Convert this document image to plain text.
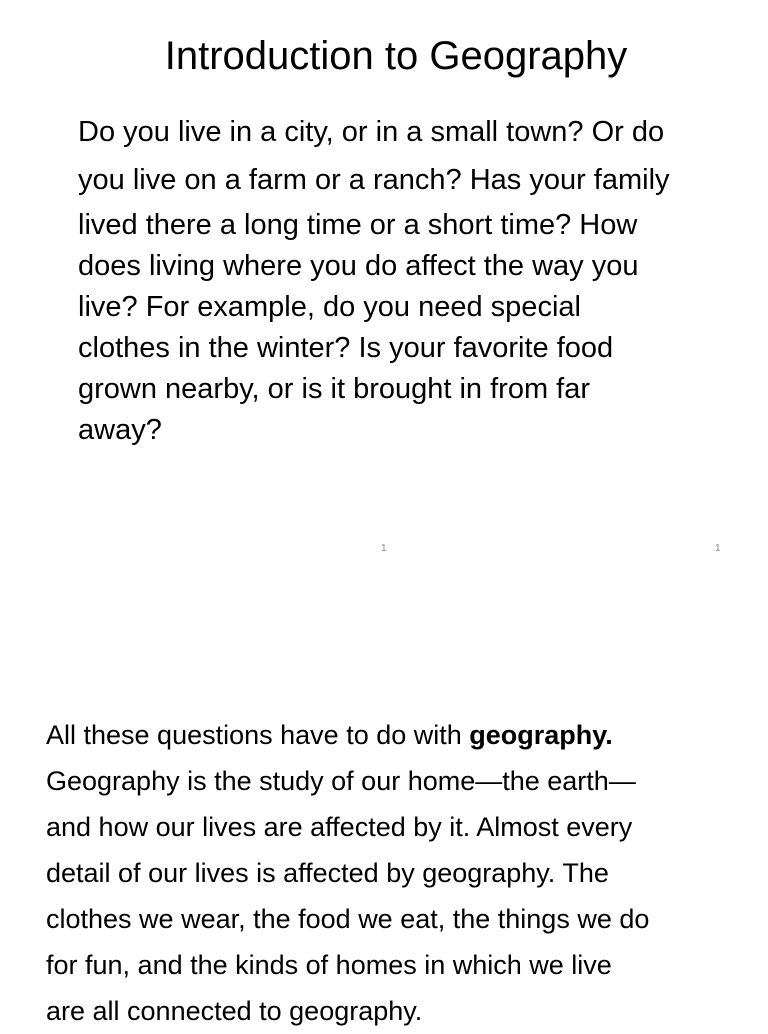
Introduction to Geography

Do you live in a city, or in a small town? Or do
you live on a farm or a ranch? Has your family
lived there a long time or a short time? How
does living where you do affect the way you
live? For example, do you need special
clothes in the winter? Is your favorite food
grown nearby, or is it brought in from far
away?

1	1

All these questions have to do with geography.
Geography is the study of our home—the earth—
and how our lives are affected by it. Almost every
detail of our lives is affected by geography. The
clothes we wear, the food we eat, the things we do
for fun, and the kinds of homes in which we live
are all connected to geography.
